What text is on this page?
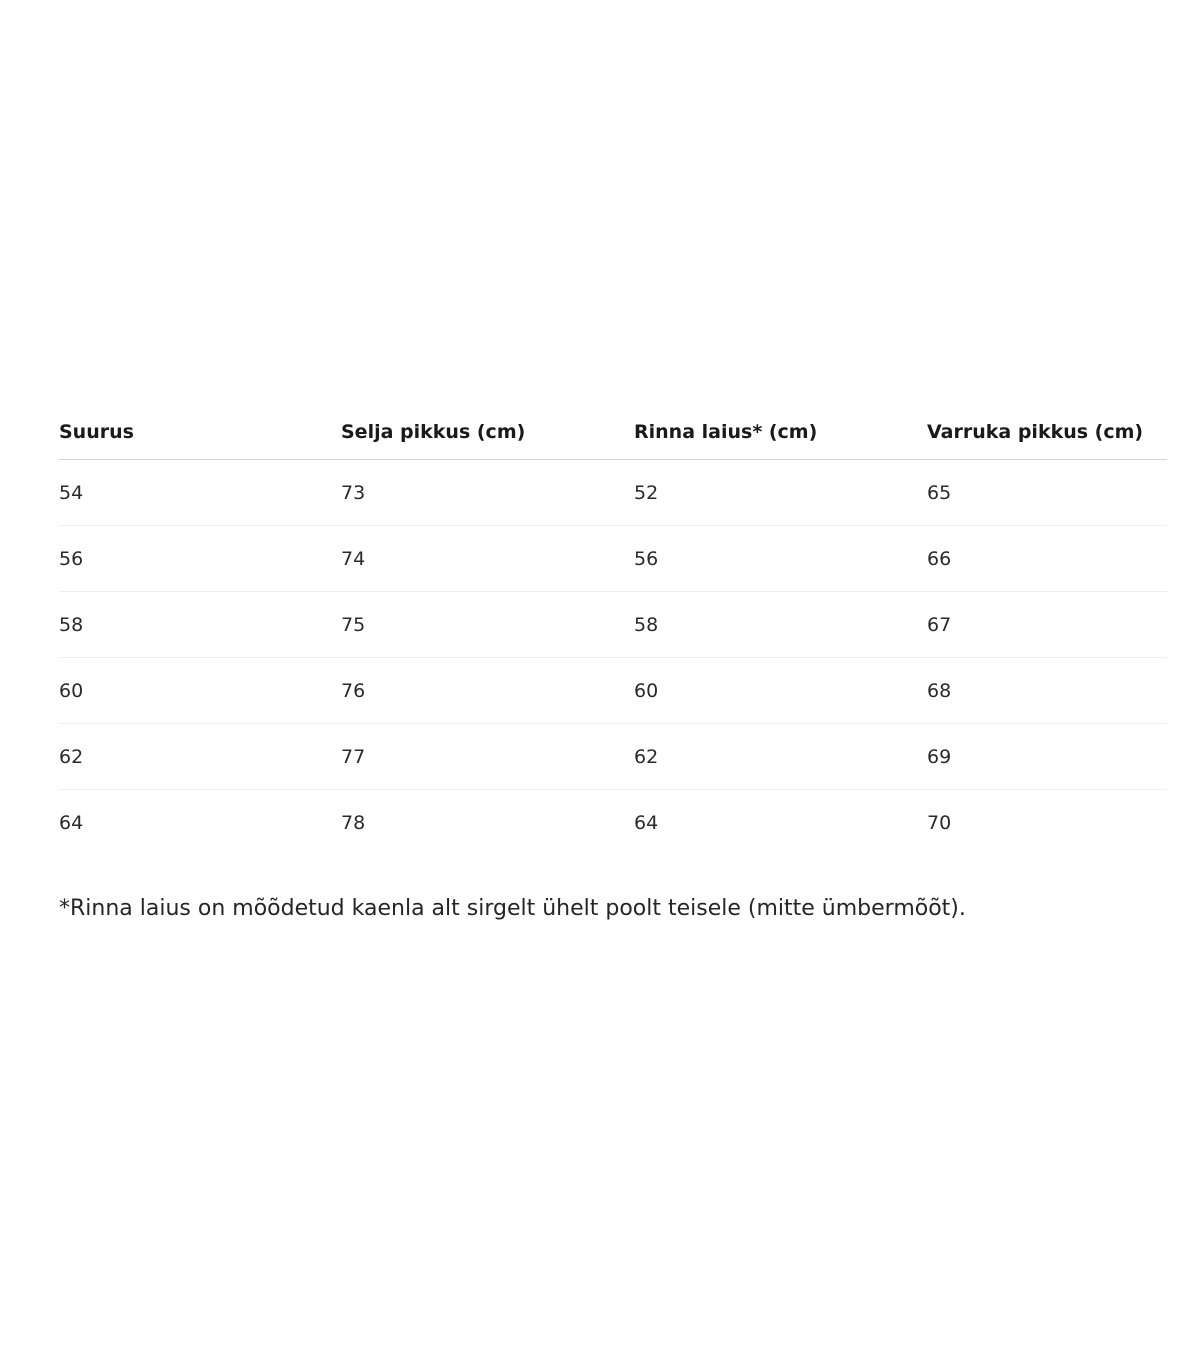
Suurus	Selja pikkus (cm)	Rinna laius* (cm)	Varruka pikkus (cm)
54	73	52	65
56	74	56	66
58	75	58	67
60	76	60	68
62	77	62	69
64	78	64	70

*Rinna laius on mõõdetud kaenla alt sirgelt ühelt poolt teisele (mitte ümbermõõt).
